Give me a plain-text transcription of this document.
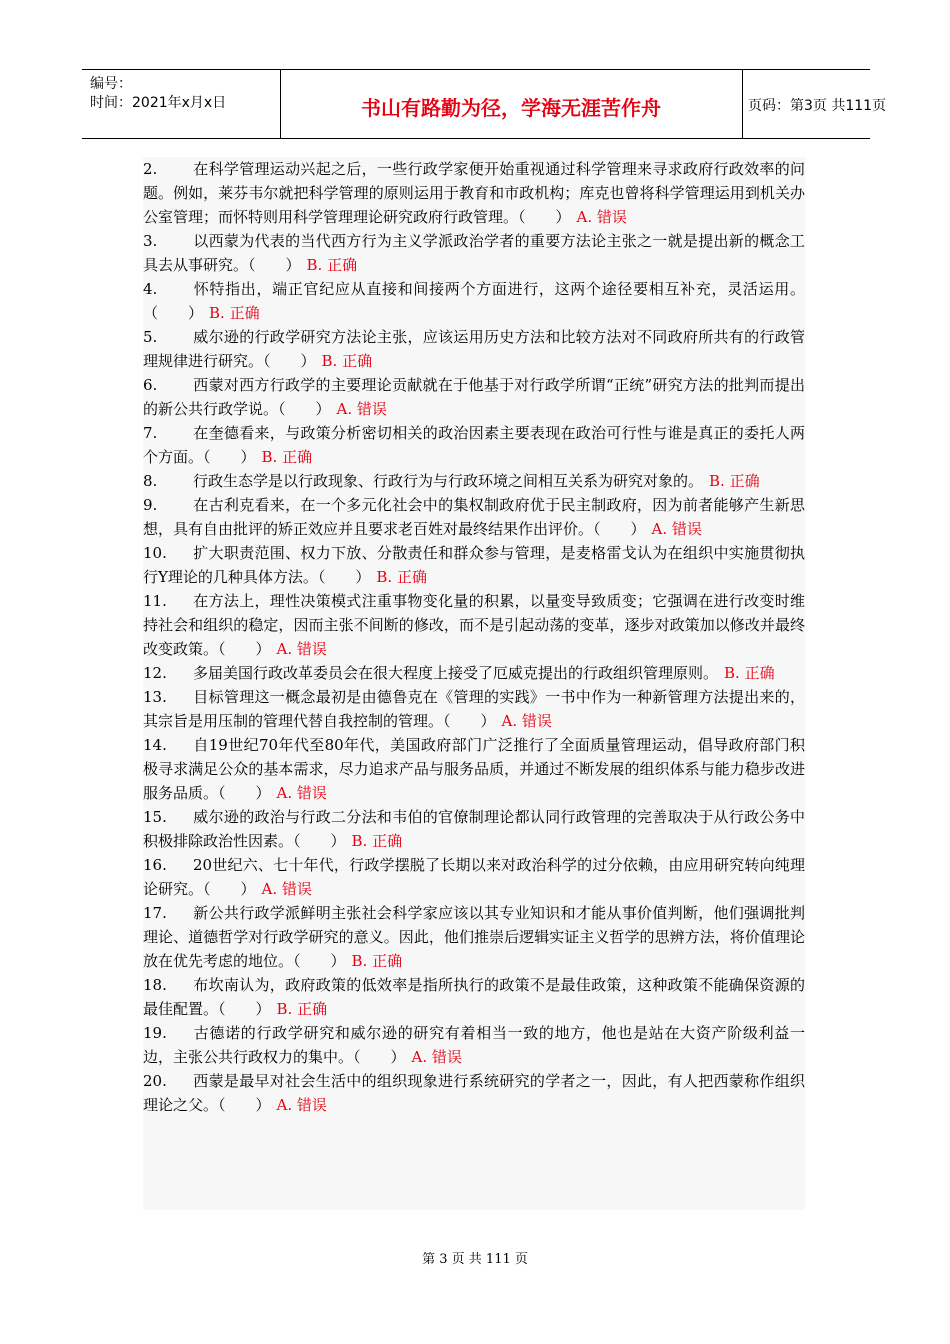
编号：
时间：2021年x月x日	书山有路勤为径，学海无涯苦作舟	页码：第3页 共111页

2. 在科学管理运动兴起之后，一些行政学家便开始重视通过科学管理来寻求政府行政效率的问题。例如，莱芬韦尔就把科学管理的原则运用于教育和市政机构；库克也曾将科学管理运用到机关办公室管理；而怀特则用科学管理理论研究政府行政管理。（　　） A. 错误

3. 以西蒙为代表的当代西方行为主义学派政治学者的重要方法论主张之一就是提出新的概念工具去从事研究。（　　） B. 正确

4. 怀特指出，端正官纪应从直接和间接两个方面进行，这两个途径要相互补充，灵活运用。（　　） B. 正确

5. 威尔逊的行政学研究方法论主张，应该运用历史方法和比较方法对不同政府所共有的行政管理规律进行研究。（　　） B. 正确

6. 西蒙对西方行政学的主要理论贡献就在于他基于对行政学所谓“正统”研究方法的批判而提出的新公共行政学说。（　　） A. 错误

7. 在奎德看来，与政策分析密切相关的政治因素主要表现在政治可行性与谁是真正的委托人两个方面。（　　） B. 正确

8. 行政生态学是以行政现象、行政行为与行政环境之间相互关系为研究对象的。 B. 正确

9. 在古利克看来，在一个多元化社会中的集权制政府优于民主制政府，因为前者能够产生新思想，具有自由批评的矫正效应并且要求老百姓对最终结果作出评价。（　　） A. 错误

10. 扩大职责范围、权力下放、分散责任和群众参与管理，是麦格雷戈认为在组织中实施贯彻执行Y理论的几种具体方法。（　　） B. 正确

11. 在方法上，理性决策模式注重事物变化量的积累，以量变导致质变；它强调在进行改变时维持社会和组织的稳定，因而主张不间断的修改，而不是引起动荡的变革，逐步对政策加以修改并最终改变政策。（　　） A. 错误

12. 多届美国行政改革委员会在很大程度上接受了厄威克提出的行政组织管理原则。 B. 正确

13. 目标管理这一概念最初是由德鲁克在《管理的实践》一书中作为一种新管理方法提出来的，其宗旨是用压制的管理代替自我控制的管理。（　　） A. 错误

14. 自19世纪70年代至80年代，美国政府部门广泛推行了全面质量管理运动，倡导政府部门积极寻求满足公众的基本需求，尽力追求产品与服务品质，并通过不断发展的组织体系与能力稳步改进服务品质。（　　） A. 错误

15. 威尔逊的政治与行政二分法和韦伯的官僚制理论都认同行政管理的完善取决于从行政公务中积极排除政治性因素。（　　） B. 正确

16. 20世纪六、七十年代，行政学摆脱了长期以来对政治科学的过分依赖，由应用研究转向纯理论研究。（　　） A. 错误

17. 新公共行政学派鲜明主张社会科学家应该以其专业知识和才能从事价值判断，他们强调批判理论、道德哲学对行政学研究的意义。因此，他们推崇后逻辑实证主义哲学的思辨方法，将价值理论放在优先考虑的地位。（　　） B. 正确

18. 布坎南认为，政府政策的低效率是指所执行的政策不是最佳政策，这种政策不能确保资源的最佳配置。（　　） B. 正确

19. 古德诺的行政学研究和威尔逊的研究有着相当一致的地方，他也是站在大资产阶级利益一边，主张公共行政权力的集中。（　　） A. 错误

20. 西蒙是最早对社会生活中的组织现象进行系统研究的学者之一，因此，有人把西蒙称作组织理论之父。（　　） A. 错误

第 3 页 共 111 页
